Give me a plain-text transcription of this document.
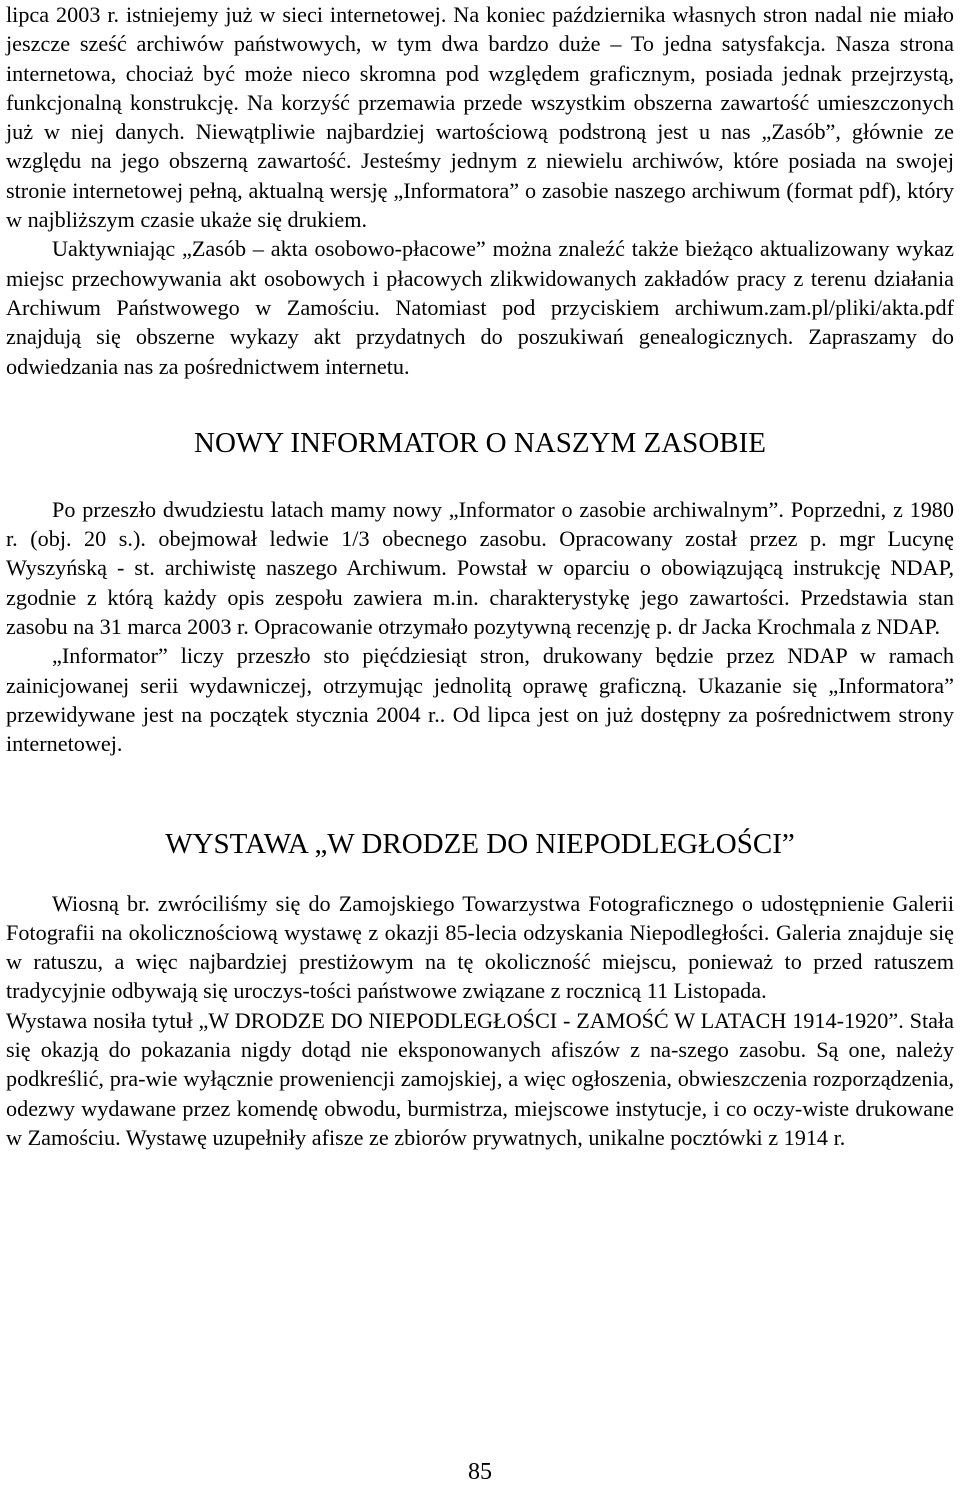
lipca 2003 r. istniejemy już w sieci internetowej. Na koniec października własnych stron nadal nie miało jeszcze sześć archiwów państwowych, w tym dwa bardzo duże – To jedna satysfakcja. Nasza strona internetowa, chociaż być może nieco skromna pod względem graficznym, posiada jednak przejrzystą, funkcjonalną konstrukcję. Na korzyść przemawia przede wszystkim obszerna zawartość umieszczonych już w niej danych. Niewątpliwie najbardziej wartościową podstroną jest u nas „Zasób”, głównie ze względu na jego obszerną zawartość. Jesteśmy jednym z niewielu archiwów, które posiada na swojej stronie internetowej pełną, aktualną wersję „Informatora” o zasobie naszego archiwum (format pdf), który w najbliższym czasie ukaże się drukiem.

Uaktywniając „Zasób – akta osobowo-płacowe” można znaleźć także bieżąco aktualizowany wykaz miejsc przechowywania akt osobowych i płacowych zlikwidowanych zakładów pracy z terenu działania Archiwum Państwowego w Zamościu. Natomiast pod przyciskiem archiwum.zam.pl/pliki/akta.pdf znajdują się obszerne wykazy akt przydatnych do poszukiwań genealogicznych. Zapraszamy do odwiedzania nas za pośrednictwem internetu.

NOWY INFORMATOR O NASZYM ZASOBIE

Po przeszło dwudziestu latach mamy nowy „Informator o zasobie archiwalnym”. Poprzedni, z 1980 r. (obj. 20 s.). obejmował ledwie 1/3 obecnego zasobu. Opracowany został przez p. mgr Lucynę Wyszyńską - st. archiwistę naszego Archiwum. Powstał w oparciu o obowiązującą instrukcję NDAP, zgodnie z którą każdy opis zespołu zawiera m.in. charakterystykę jego zawartości. Przedstawia stan zasobu na 31 marca 2003 r. Opracowanie otrzymało pozytywną recenzję p. dr Jacka Krochmala z NDAP.

„Informator” liczy przeszło sto pięćdziesiąt stron, drukowany będzie przez NDAP w ramach zainicjowanej serii wydawniczej, otrzymując jednolitą oprawę graficzną. Ukazanie się „Informatora” przewidywane jest na początek stycznia 2004 r.. Od lipca jest on już dostępny za pośrednictwem strony internetowej.

WYSTAWA „W DRODZE DO NIEPODLEGŁOŚCI”

Wiosną br. zwróciliśmy się do Zamojskiego Towarzystwa Fotograficznego o udostępnienie Galerii Fotografii na okolicznościową wystawę z okazji 85-lecia odzyskania Niepodległości. Galeria znajduje się w ratuszu, a więc najbardziej prestiżowym na tę okoliczność miejscu, ponieważ to przed ratuszem tradycyjnie odbywają się uroczys-tości państwowe związane z rocznicą 11 Listopada.

Wystawa nosiła tytuł „W DRODZE DO NIEPODLEGŁOŚCI - ZAMOŚĆ W LATACH 1914-1920”. Stała się okazją do pokazania nigdy dotąd nie eksponowanych afiszów z na-szego zasobu. Są one, należy podkreślić, pra-wie wyłącznie proweniencji zamojskiej, a więc ogłoszenia, obwieszczenia rozporządzenia, odezwy wydawane przez komendę obwodu, burmistrza, miejscowe instytucje, i co oczy-wiste drukowane w Zamościu. Wystawę uzupełniły afisze ze zbiorów prywatnych, unikalne pocztówki z 1914 r.

85
